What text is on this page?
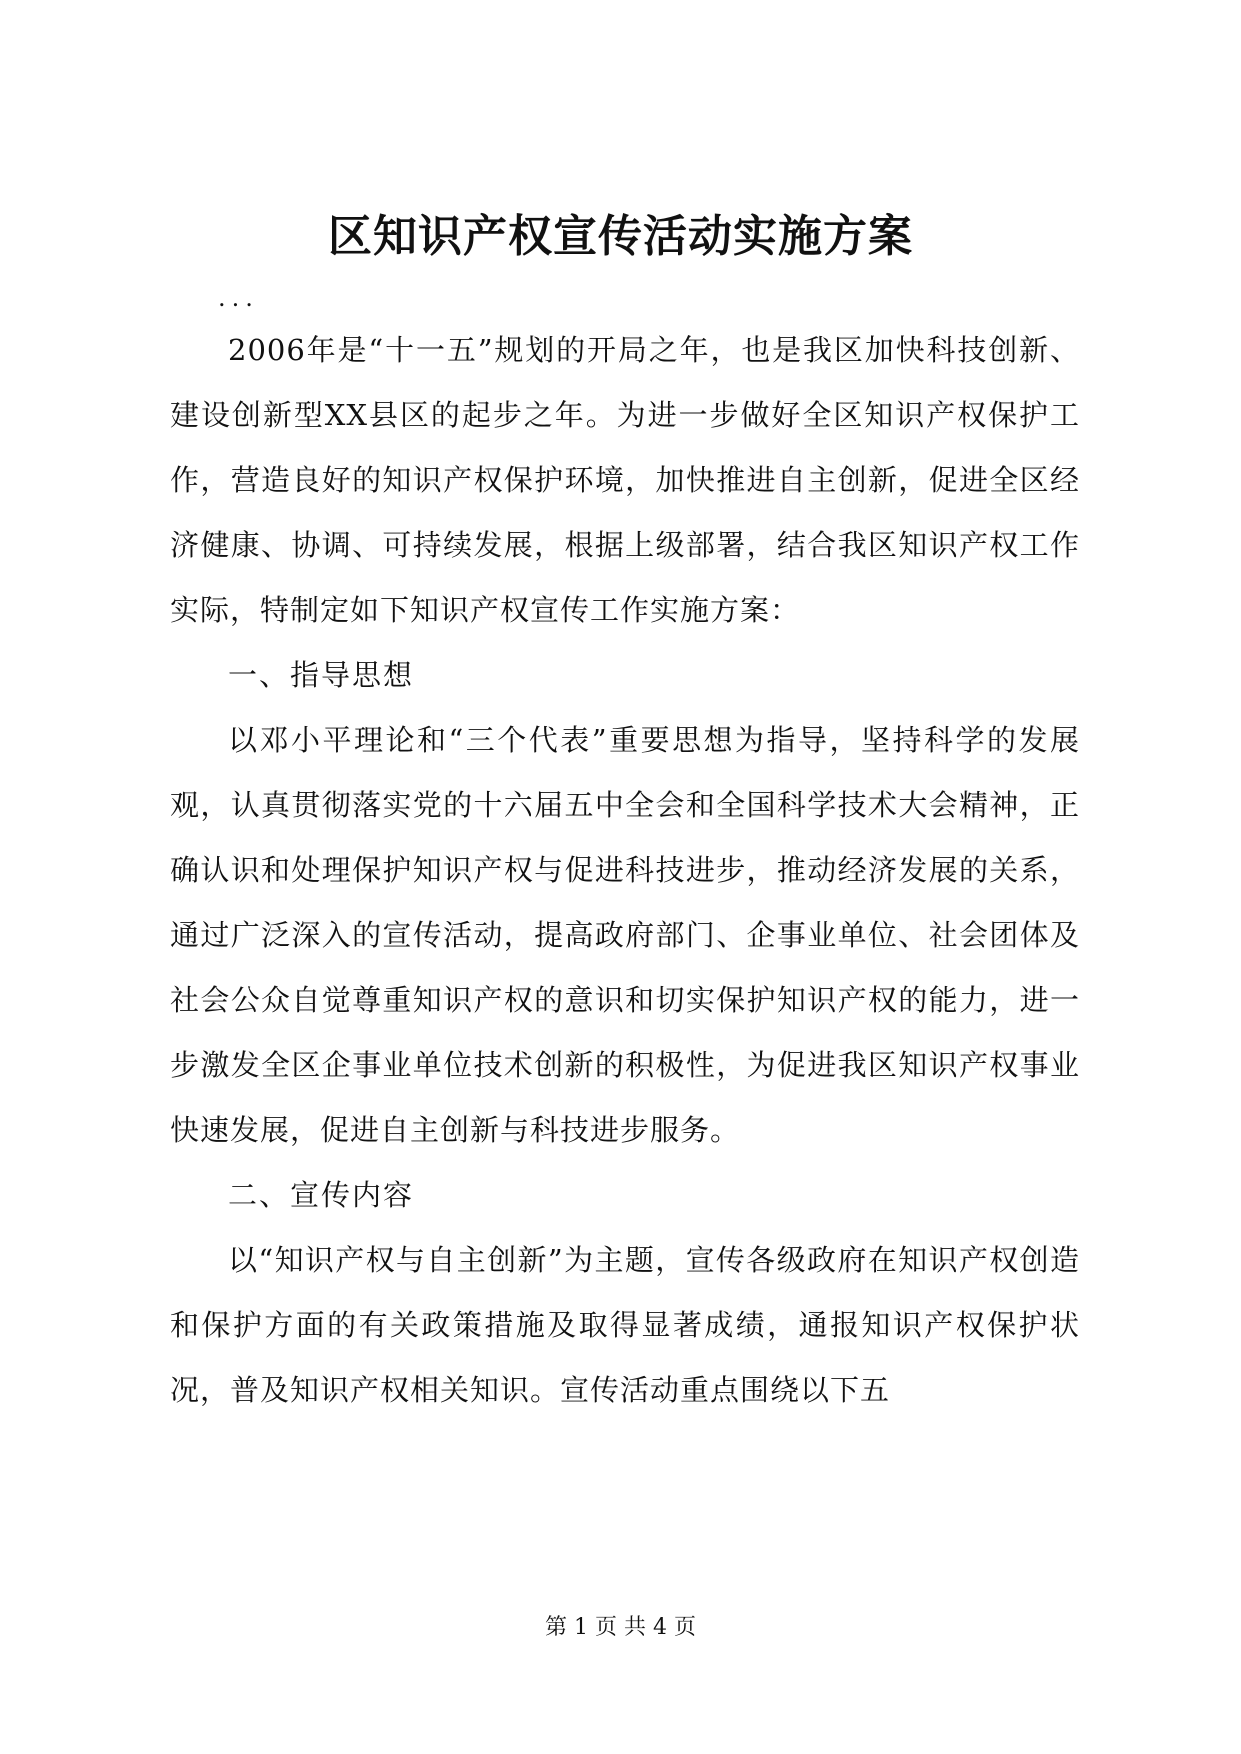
区知识产权宣传活动实施方案

...

2006年是“十一五”规划的开局之年，也是我区加快科技创新、建设创新型XX县区的起步之年。为进一步做好全区知识产权保护工作，营造良好的知识产权保护环境，加快推进自主创新，促进全区经济健康、协调、可持续发展，根据上级部署，结合我区知识产权工作实际，特制定如下知识产权宣传工作实施方案：

一、指导思想

以邓小平理论和“三个代表”重要思想为指导，坚持科学的发展观，认真贯彻落实党的十六届五中全会和全国科学技术大会精神，正确认识和处理保护知识产权与促进科技进步，推动经济发展的关系，通过广泛深入的宣传活动，提高政府部门、企事业单位、社会团体及社会公众自觉尊重知识产权的意识和切实保护知识产权的能力，进一步激发全区企事业单位技术创新的积极性，为促进我区知识产权事业快速发展，促进自主创新与科技进步服务。

二、宣传内容

以“知识产权与自主创新”为主题，宣传各级政府在知识产权创造和保护方面的有关政策措施及取得显著成绩，通报知识产权保护状况，普及知识产权相关知识。宣传活动重点围绕以下五

第 1 页 共 4 页
